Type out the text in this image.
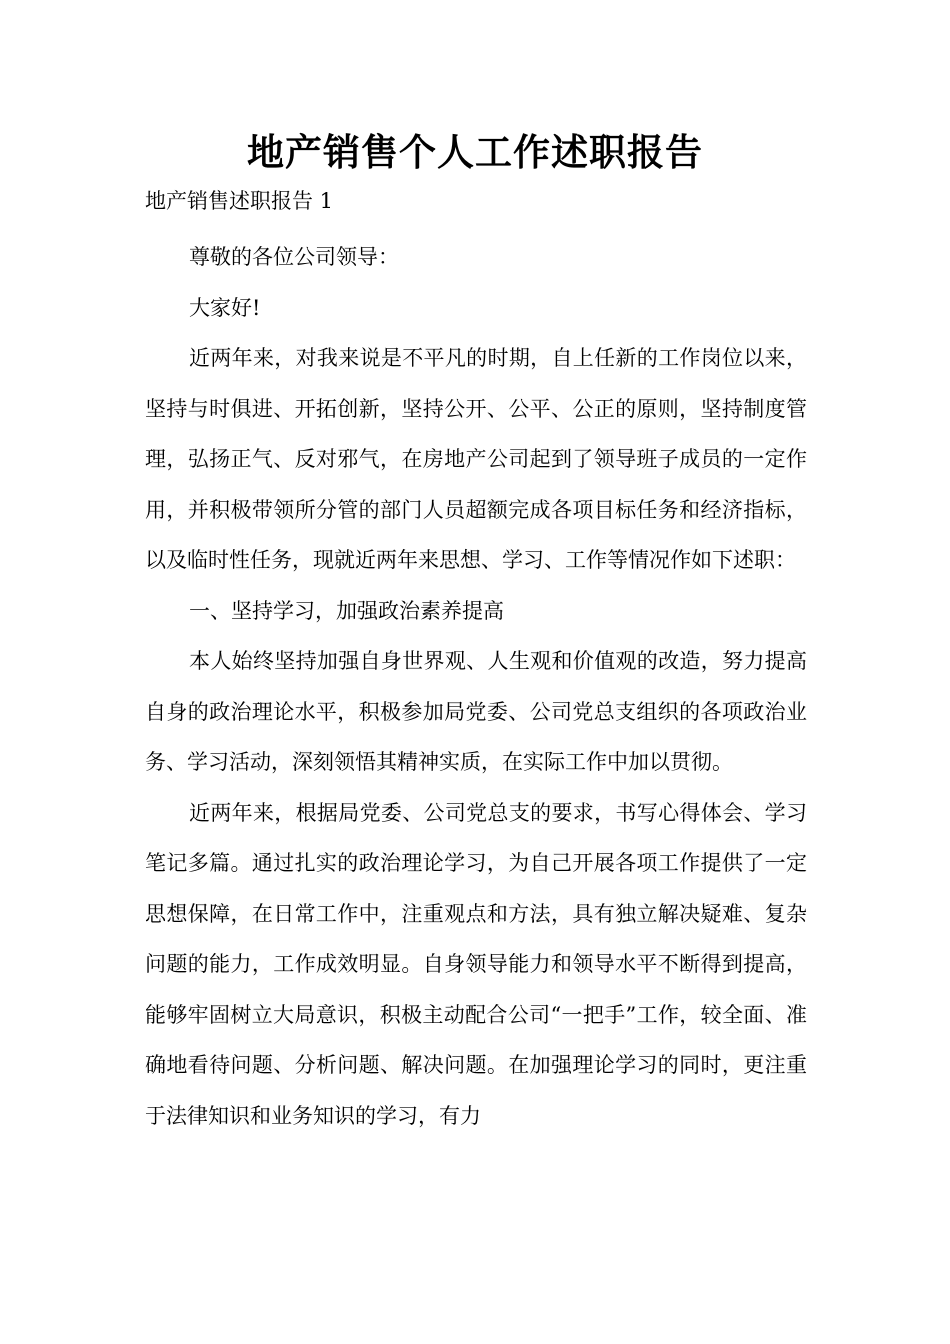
地产销售个人工作述职报告
地产销售述职报告 1

尊敬的各位公司领导：

大家好!

近两年来，对我来说是不平凡的时期，自上任新的工作岗位以来，坚持与时俱进、开拓创新，坚持公开、公平、公正的原则，坚持制度管理，弘扬正气、反对邪气，在房地产公司起到了领导班子成员的一定作用，并积极带领所分管的部门人员超额完成各项目标任务和经济指标，以及临时性任务，现就近两年来思想、学习、工作等情况作如下述职：

一、坚持学习，加强政治素养提高

本人始终坚持加强自身世界观、人生观和价值观的改造，努力提高自身的政治理论水平，积极参加局党委、公司党总支组织的各项政治业务、学习活动，深刻领悟其精神实质，在实际工作中加以贯彻。

近两年来，根据局党委、公司党总支的要求，书写心得体会、学习笔记多篇。通过扎实的政治理论学习，为自己开展各项工作提供了一定思想保障，在日常工作中，注重观点和方法，具有独立解决疑难、复杂问题的能力，工作成效明显。自身领导能力和领导水平不断得到提高，能够牢固树立大局意识，积极主动配合公司“一把手”工作，较全面、准确地看待问题、分析问题、解决问题。在加强理论学习的同时，更注重于法律知识和业务知识的学习，有力
